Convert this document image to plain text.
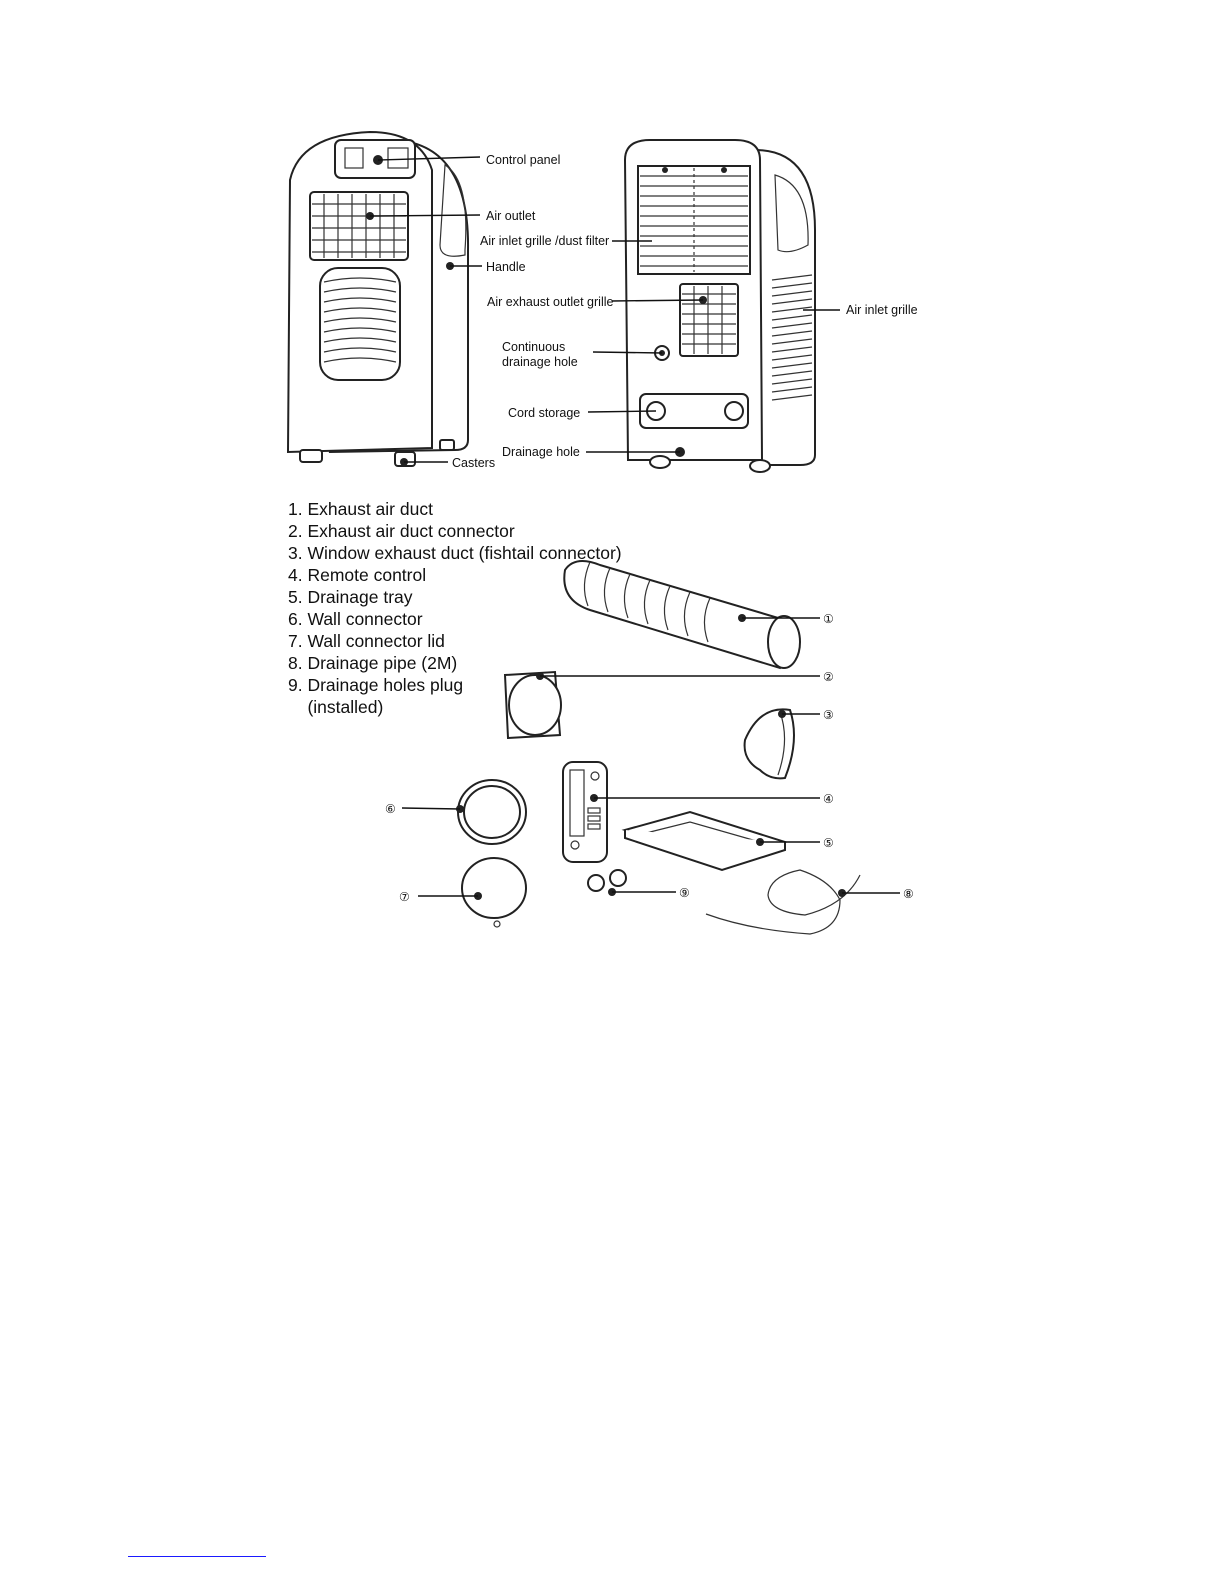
Control panel
Air outlet
Handle
Casters
Air inlet grille /dust filter
Air exhaust outlet grille
Continuous
drainage hole
Cord storage
Drainage hole
Air inlet grille
①
②
③
④
⑤
⑥
⑦	⑧
⑨
1. Exhaust air duct
2. Exhaust air duct connector
3. Window exhaust duct (fishtail connector)
4. Remote control
5. Drainage tray
6. Wall connector
7. Wall connector lid
8. Drainage pipe (2M)
9. Drainage holes plug
(installed)
